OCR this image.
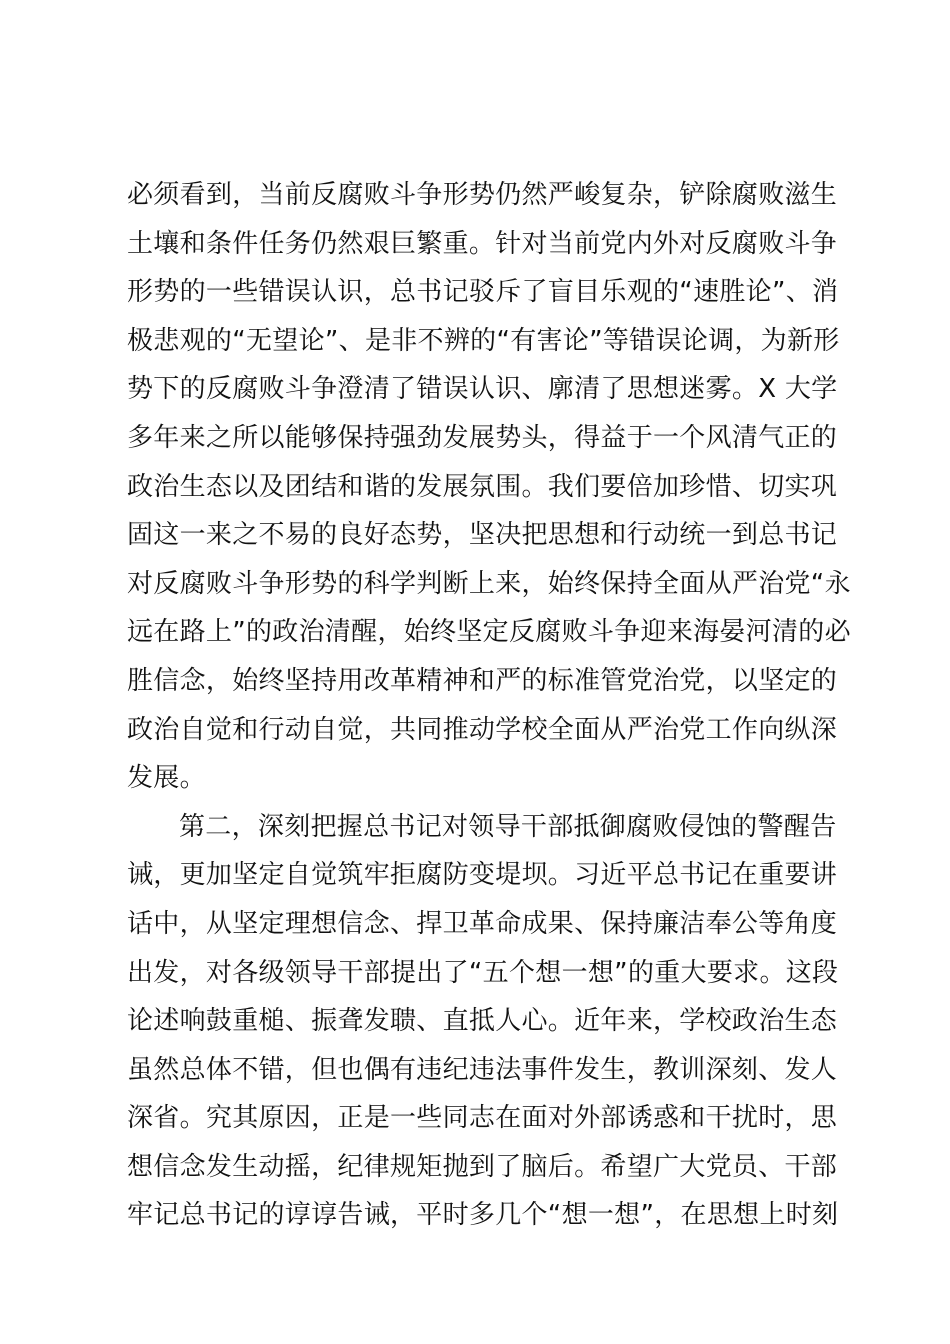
必须看到，当前反腐败斗争形势仍然严峻复杂，铲除腐败滋生
土壤和条件任务仍然艰巨繁重。针对当前党内外对反腐败斗争
形势的一些错误认识，总书记驳斥了盲目乐观的“速胜论”、消
极悲观的“无望论”、是非不辨的“有害论”等错误论调，为新形
势下的反腐败斗争澄清了错误认识、廓清了思想迷雾。X 大学
多年来之所以能够保持强劲发展势头，得益于一个风清气正的
政治生态以及团结和谐的发展氛围。我们要倍加珍惜、切实巩
固这一来之不易的良好态势，坚决把思想和行动统一到总书记
对反腐败斗争形势的科学判断上来，始终保持全面从严治党“永
远在路上”的政治清醒，始终坚定反腐败斗争迎来海晏河清的必
胜信念，始终坚持用改革精神和严的标准管党治党，以坚定的
政治自觉和行动自觉，共同推动学校全面从严治党工作向纵深
发展。
第二，深刻把握总书记对领导干部抵御腐败侵蚀的警醒告
诫，更加坚定自觉筑牢拒腐防变堤坝。习近平总书记在重要讲
话中，从坚定理想信念、捍卫革命成果、保持廉洁奉公等角度
出发，对各级领导干部提出了“五个想一想”的重大要求。这段
论述响鼓重槌、振聋发聩、直抵人心。近年来，学校政治生态
虽然总体不错，但也偶有违纪违法事件发生，教训深刻、发人
深省。究其原因，正是一些同志在面对外部诱惑和干扰时，思
想信念发生动摇，纪律规矩抛到了脑后。希望广大党员、干部
牢记总书记的谆谆告诫，平时多几个“想一想”，在思想上时刻
